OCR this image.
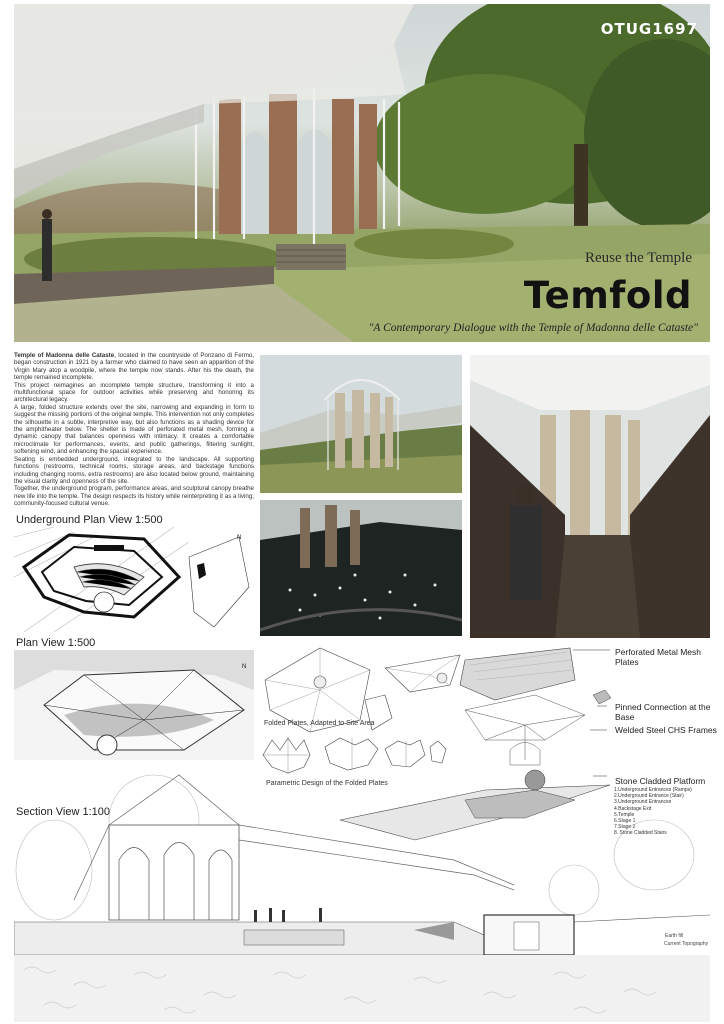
OTUG1697
Reuse the Temple
Temfold
"A Contemporary Dialogue with the Temple of Madonna delle Cataste"

Temple of Madonna delle Cataste, located in the countryside of Ponzano di Fermo, began construction in 1921 by a farmer who claimed to have seen an apparition of the Virgin Mary atop a woodpile, where the temple now stands. After his the death, the temple remained incomplete.

This project reimagines an incomplete temple structure, transforming it into a multifunctional space for outdoor activities while preserving and honoring its architectural legacy.

A large, folded structure extends over the site, narrowing and expanding in form to suggest the missing portions of the original temple. This intervention not only completes the silhouette in a subtle, interpretive way, but also functions as a shading device for the amphitheater below. The shelter is made of perforated metal mesh, forming a dynamic canopy that balances openness with intimacy. It creates a comfortable microclimate for performances, events, and public gatherings, filtering sunlight, softening wind, and enhancing the spacial experience.

Seating is embedded underground, integrated to the landscape. All supporting functions (restrooms, technical rooms, storage areas, and backstage functions including changing rooms, extra restrooms) are also located below ground, maintaining the visual clarity and openness of the site.

Together, the underground program, performance areas, and sculptural canopy breathe new life into the temple. The design respects its history while reinterpreting it as a living, community-focused cultural venue.

Underground Plan View 1:500
N
Plan View 1:500
N
Folded Plates, Adapted to Site Area
Parametric Design of the Folded Plates
Perforated Metal Mesh Plates
Pinned Connection at the Base
Welded Steel CHS Frames
Stone Cladded Platform
1.Underground Entrances (Ramps)
2.Underground Entrance (Stair)
3.Underground Entrances
4.Backstage Exit
5.Temple
6.Stage 1
7.Stage 2
8. Stone Cladded Stairs
Section View 1:100
Earth fill
Current Topography
